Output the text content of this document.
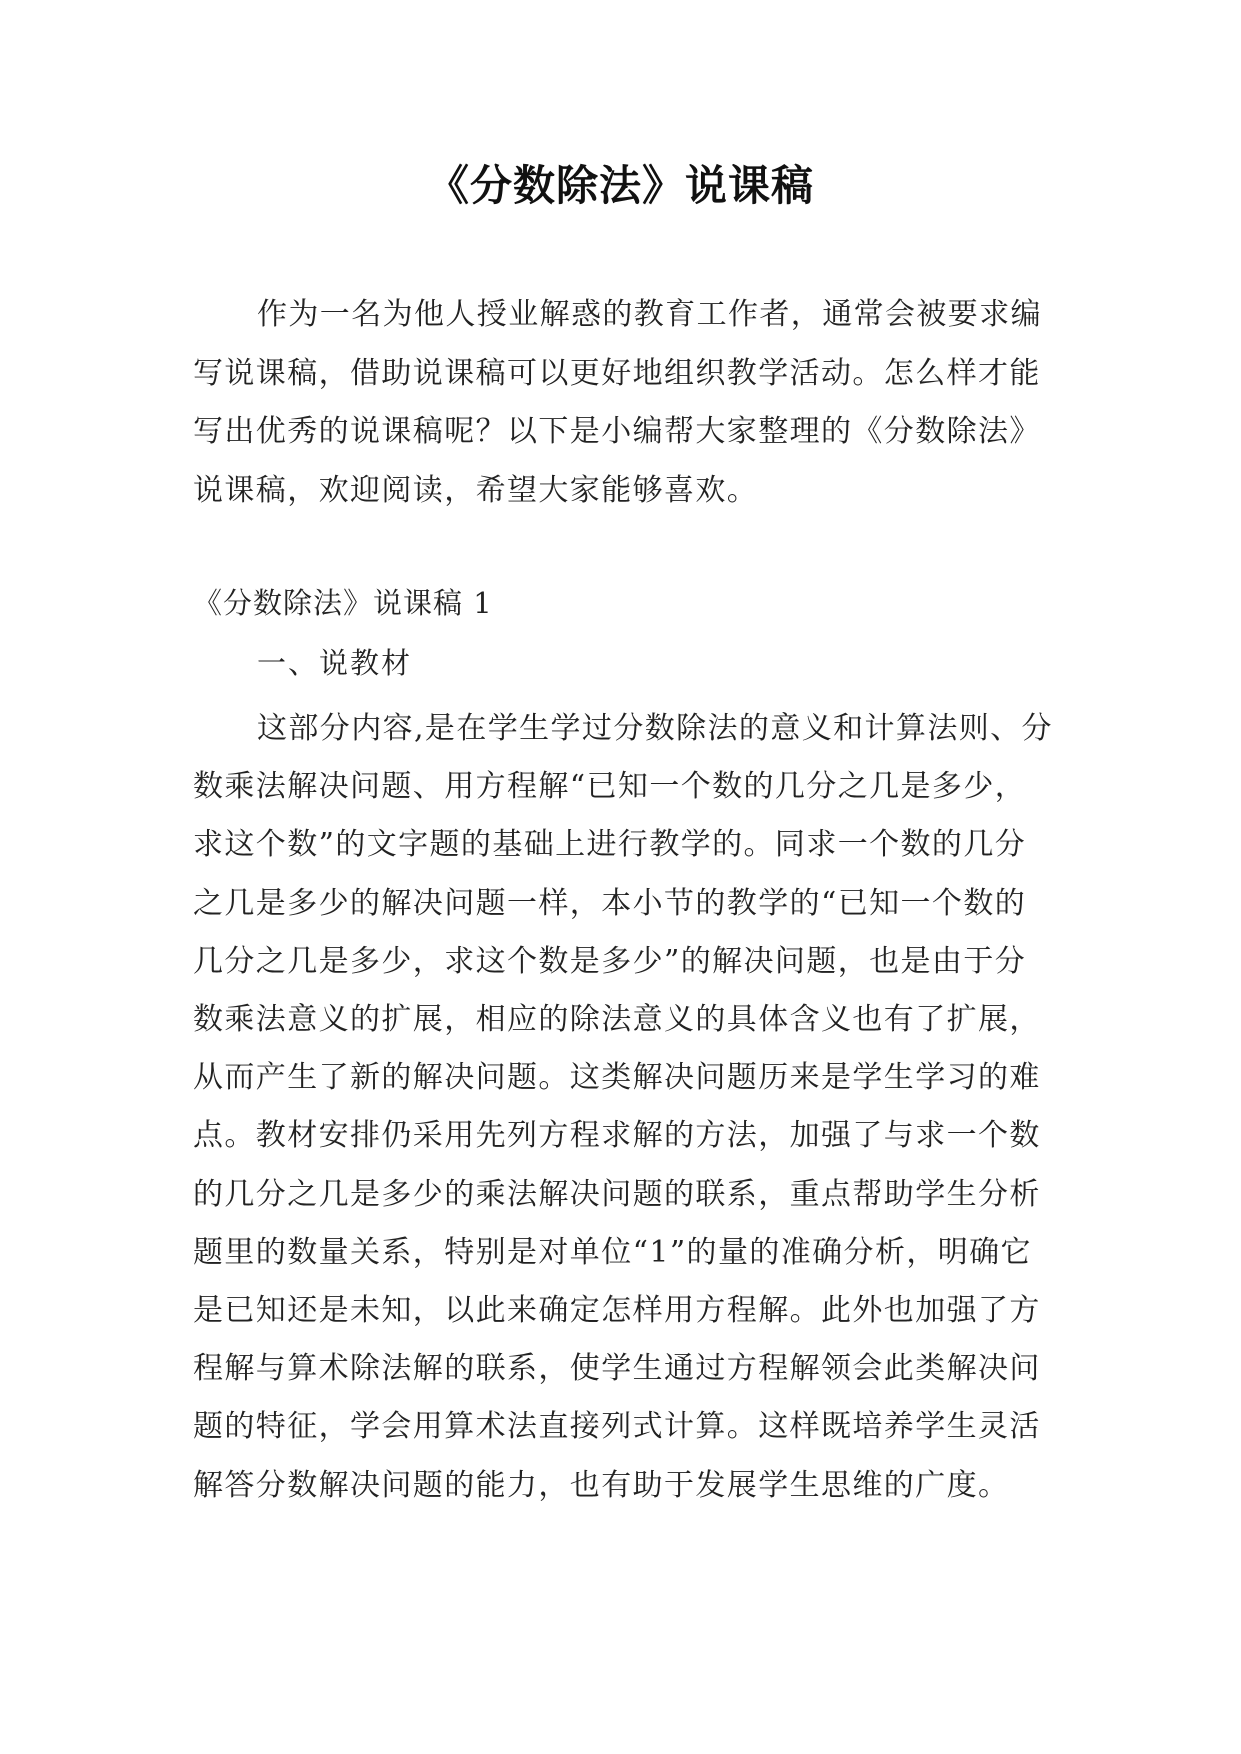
《分数除法》说课稿
作为一名为他人授业解惑的教育工作者，通常会被要求编写说课稿，借助说课稿可以更好地组织教学活动。怎么样才能写出优秀的说课稿呢？以下是小编帮大家整理的《分数除法》说课稿，欢迎阅读，希望大家能够喜欢。
《分数除法》说课稿 1
一、说教材
这部分内容,是在学生学过分数除法的意义和计算法则、分数乘法解决问题、用方程解“已知一个数的几分之几是多少，求这个数”的文字题的基础上进行教学的。同求一个数的几分之几是多少的解决问题一样，本小节的教学的“已知一个数的几分之几是多少，求这个数是多少”的解决问题，也是由于分数乘法意义的扩展，相应的除法意义的具体含义也有了扩展，从而产生了新的解决问题。这类解决问题历来是学生学习的难点。教材安排仍采用先列方程求解的方法，加强了与求一个数的几分之几是多少的乘法解决问题的联系，重点帮助学生分析题里的数量关系，特别是对单位“1”的量的准确分析，明确它是已知还是未知，以此来确定怎样用方程解。此外也加强了方程解与算术除法解的联系，使学生通过方程解领会此类解决问题的特征，学会用算术法直接列式计算。这样既培养学生灵活解答分数解决问题的能力，也有助于发展学生思维的广度。
